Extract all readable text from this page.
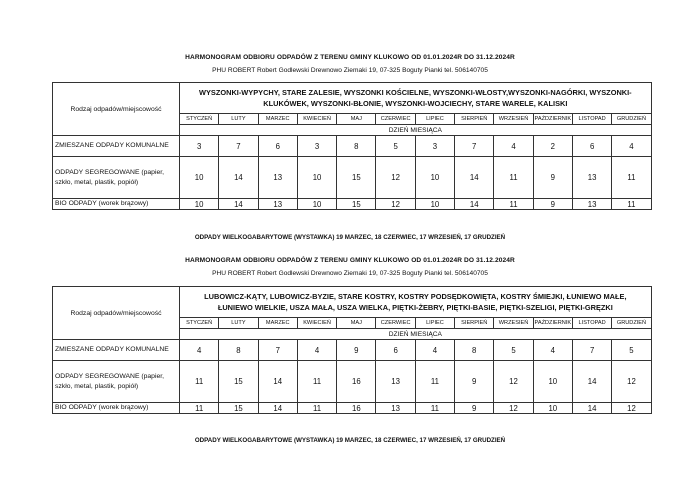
HARMONOGRAM ODBIORU ODPADÓW Z TERENU GMINY KLUKOWO OD 01.01.2024R DO 31.12.2024R
PHU ROBERT Robert Godlewski Drewnowo Ziemaki 19, 07-325 Boguty Pianki tel. 506140705
Rodzaj odpadów/miejscowość	WYSZONKI-WYPYCHY, STARE ZALESIE, WYSZONKI KOŚCIELNE, WYSZONKI-WŁOSTY,WYSZONKI-NAGÓRKI, WYSZONKI-KLUKÓWEK, WYSZONKI-BŁONIE, WYSZONKI-WOJCIECHY, STARE WARELE, KALISKI											
	STYCZEŃ	LUTY	MARZEC	KWIECIEŃ	MAJ	CZERWIEC	LIPIEC	SIERPIEŃ	WRZESIEŃ	PAŹDZIERNIK	LISTOPAD	GRUDZIEŃ
	DZIEŃ MIESIĄCA											
ZMIESZANE ODPADY KOMUNALNE	3	7	6	3	8	5	3	7	4	2	6	4
ODPADY SEGREGOWANE (papier, szkło, metal, plastik, popiół)	10	14	13	10	15	12	10	14	11	9	13	11
BIO ODPADY (worek brązowy)	10	14	13	10	15	12	10	14	11	9	13	11
ODPADY WIELKOGABARYTOWE (WYSTAWKA) 19 MARZEC, 18 CZERWIEC, 17 WRZESIEŃ, 17 GRUDZIEŃ
HARMONOGRAM ODBIORU ODPADÓW Z TERENU GMINY KLUKOWO OD 01.01.2024R DO 31.12.2024R
PHU ROBERT Robert Godlewski Drewnowo Ziemaki 19, 07-325 Boguty Pianki tel. 506140705
Rodzaj odpadów/miejscowość	LUBOWICZ-KĄTY, LUBOWICZ-BYZIE, STARE KOSTRY, KOSTRY PODSĘDKOWIĘTA, KOSTRY ŚMIEJKI, ŁUNIEWO MAŁE, ŁUNIEWO WIELKIE, USZA MAŁA, USZA WIELKA, PIĘTKI-ŻEBRY, PIĘTKI-BASIE, PIĘTKI-SZELIGI, PIĘTKI-GRĘZKI											
	STYCZEŃ	LUTY	MARZEC	KWIECIEŃ	MAJ	CZERWIEC	LIPIEC	SIERPIEŃ	WRZESIEŃ	PAŹDZIERNIK	LISTOPAD	GRUDZIEŃ
	DZIEŃ MIESIĄCA											
ZMIESZANE ODPADY KOMUNALNE	4	8	7	4	9	6	4	8	5	4	7	5
ODPADY SEGREGOWANE (papier, szkło, metal, plastik, popiół)	11	15	14	11	16	13	11	9	12	10	14	12
BIO ODPADY (worek brązowy)	11	15	14	11	16	13	11	9	12	10	14	12
ODPADY WIELKOGABARYTOWE (WYSTAWKA) 19 MARZEC, 18 CZERWIEC, 17 WRZESIEŃ, 17 GRUDZIEŃ
